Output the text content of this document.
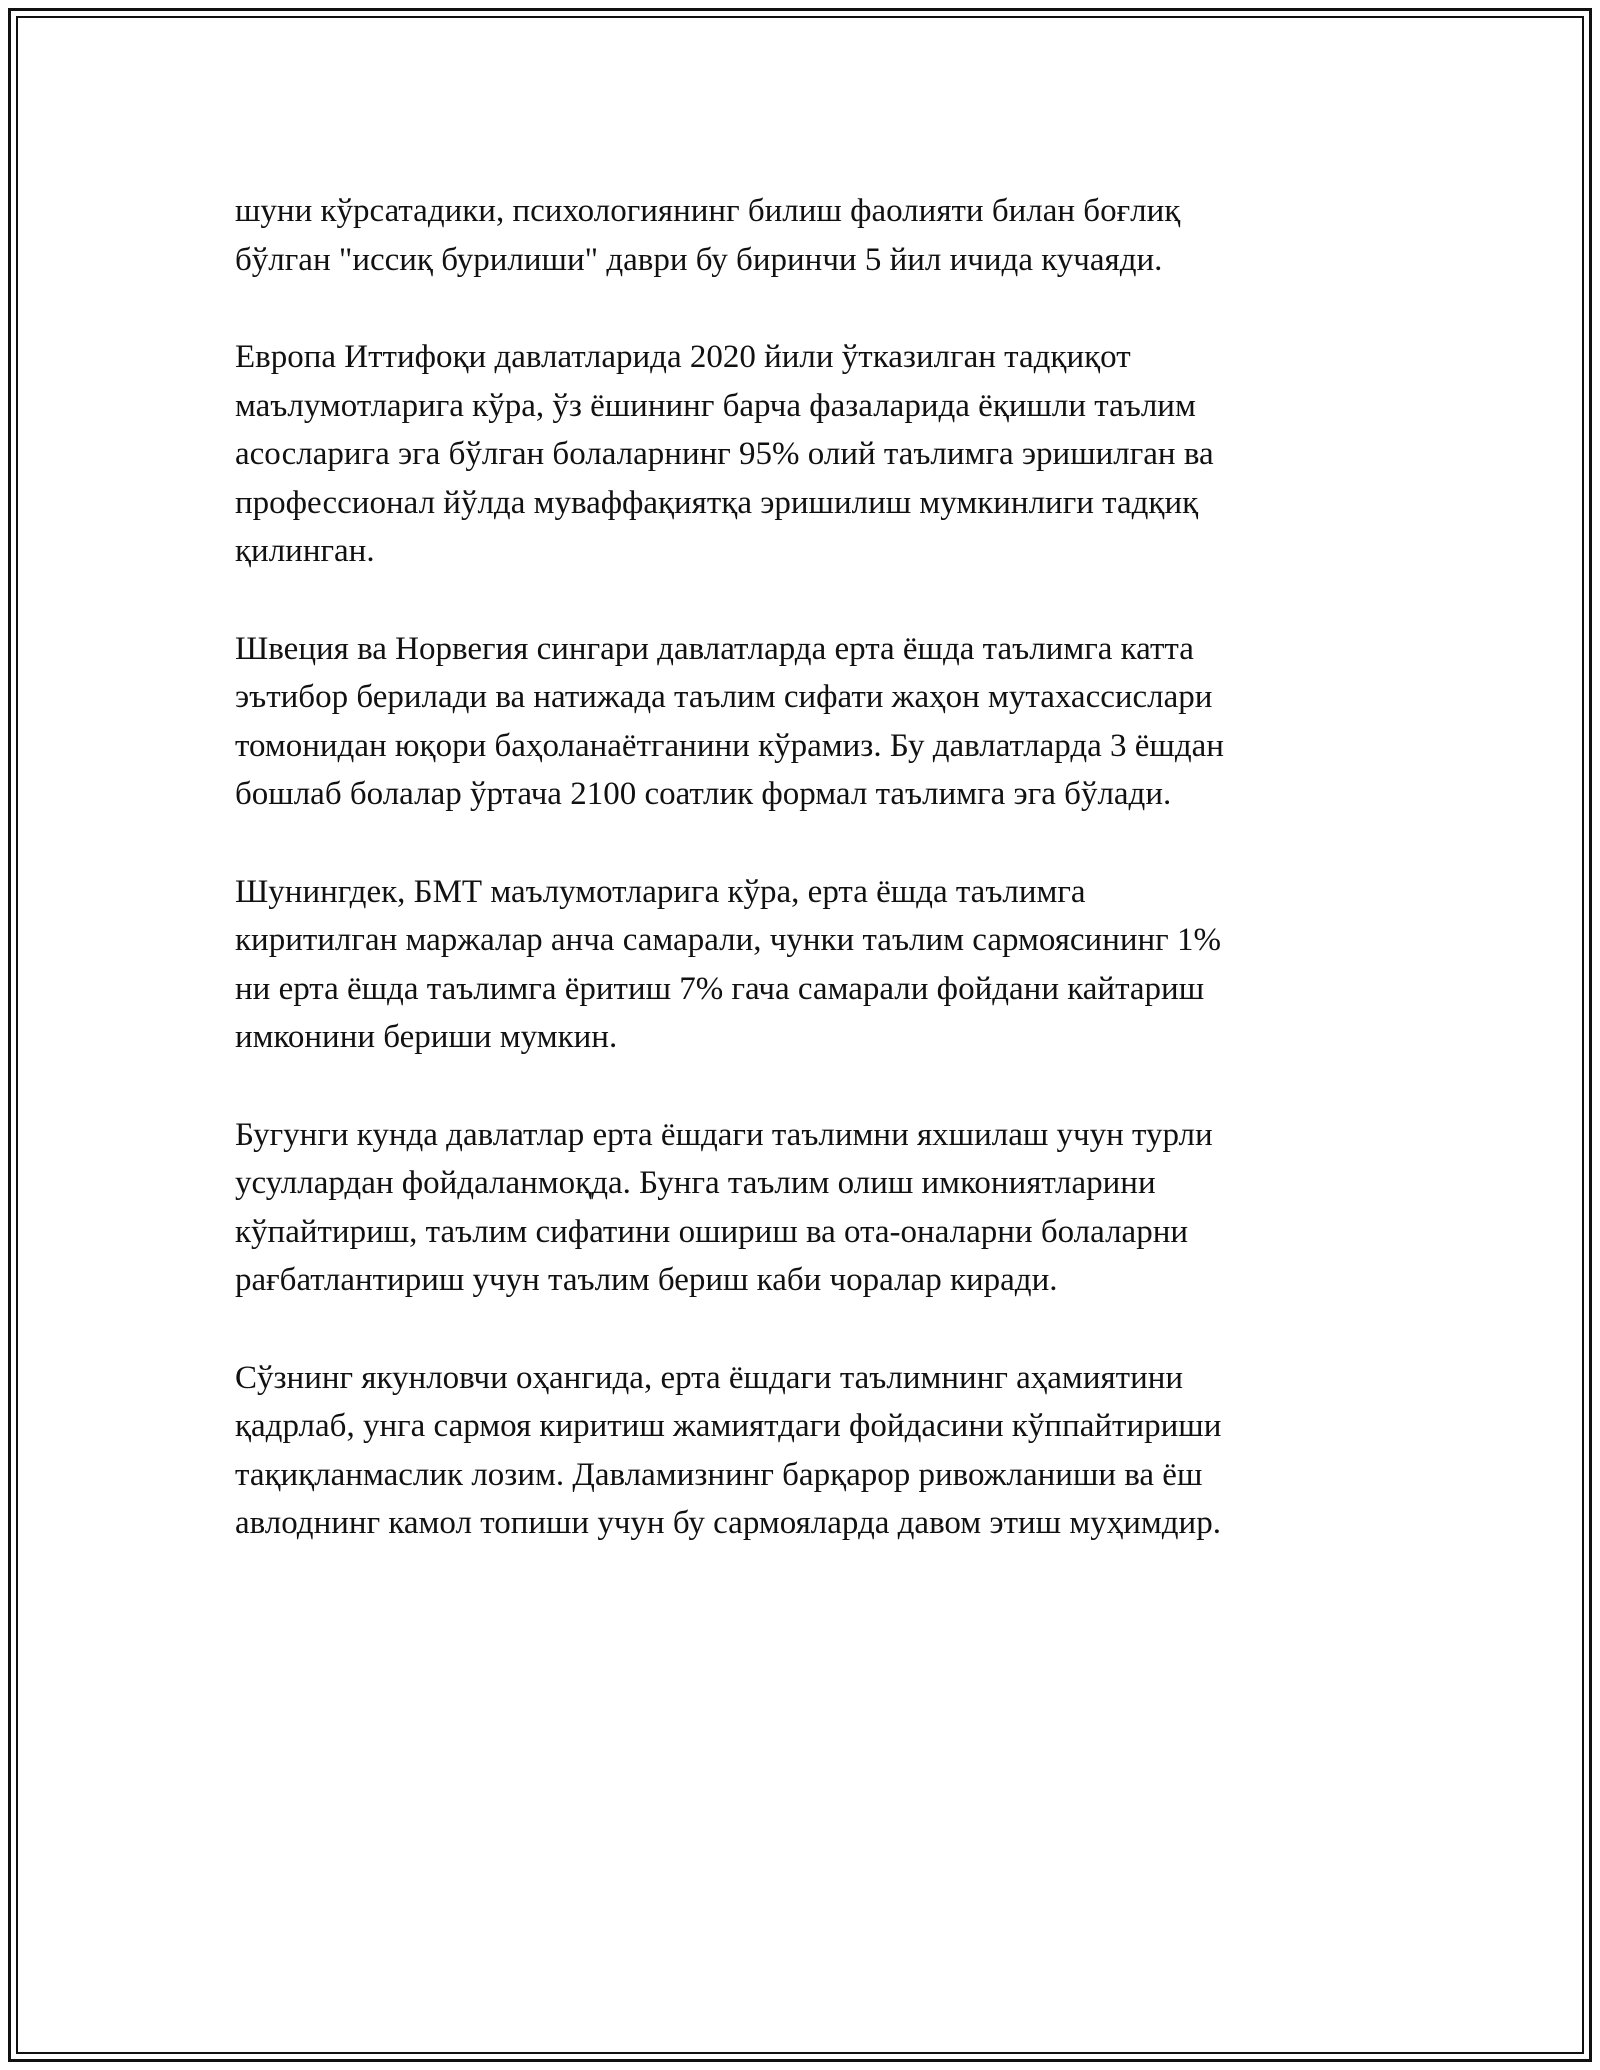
шуни кўрсатадики, психологиянинг билиш фаолияти билан боғлиқ
бўлган "иссиқ бурилиши" даври бу биринчи 5 йил ичида кучаяди.

Европа Иттифоқи давлатларида 2020 йили ўтказилган тадқиқот
маълумотларига кўра, ўз ёшининг барча фазаларида ёқишли таълим
асосларига эга бўлган болаларнинг 95% олий таълимга эришилган ва
профессионал йўлда муваффақиятқа эришилиш мумкинлиги тадқиқ
қилинган.

Швеция ва Норвегия сингари давлатларда ерта ёшда таълимга катта
эътибор берилади ва натижада таълим сифати жаҳон мутахассислари
томонидан юқори баҳоланаётганини кўрамиз. Бу давлатларда 3 ёшдан
бошлаб болалар ўртача 2100 соатлик формал таълимга эга бўлади.

Шунингдек, БМТ маълумотларига кўра, ерта ёшда таълимга
киритилган маржалар анча самарали, чунки таълим сармоясининг 1%
ни ерта ёшда таълимга ёритиш 7% гача самарали фойдани кайтариш
имконини бериши мумкин.

Бугунги кунда давлатлар ерта ёшдаги таълимни яхшилаш учун турли
усуллардан фойдаланмоқда. Бунга таълим олиш имкониятларини
кўпайтириш, таълим сифатини ошириш ва ота-оналарни болаларни
рағбатлантириш учун таълим бериш каби чоралар киради.

Сўзнинг якунловчи оҳангида, ерта ёшдаги таълимнинг аҳамиятини
қадрлаб, унга сармоя киритиш жамиятдаги фойдасини кўппайтириши
тақиқланмаслик лозим. Давламизнинг барқарор ривожланиши ва ёш
авлоднинг камол топиши учун бу сармояларда давом этиш муҳимдир.
